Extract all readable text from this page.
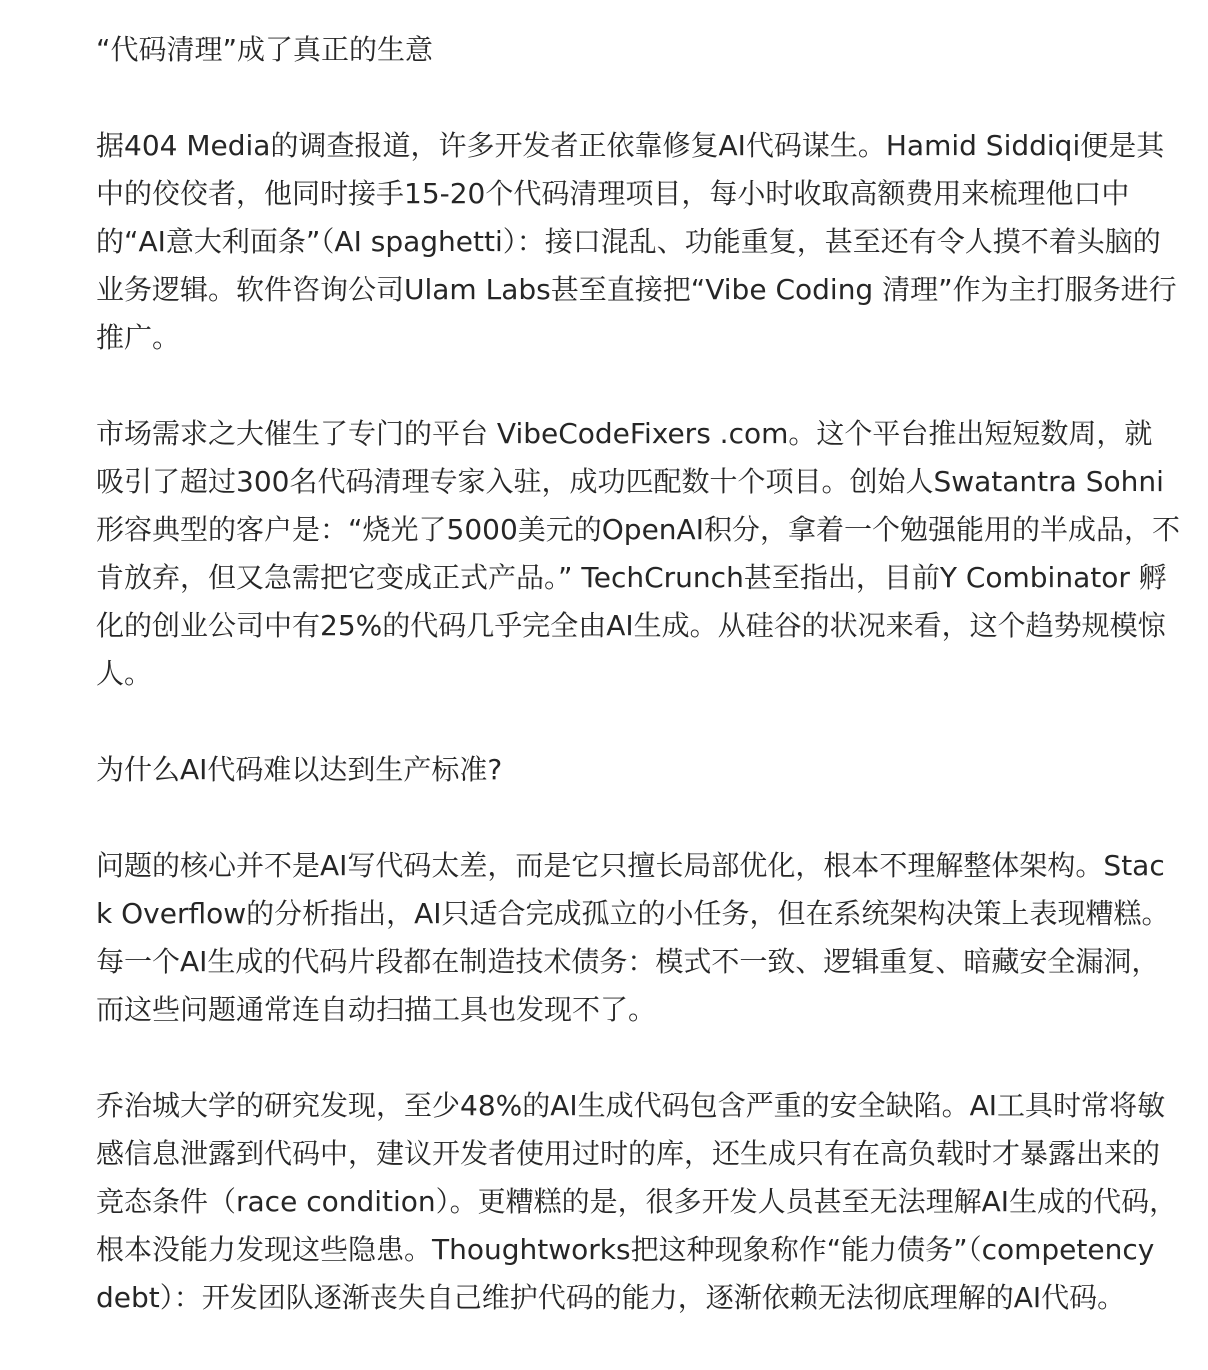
“代码清理”成了真正的生意

据404 Media的调查报道，许多开发者正依靠修复AI代码谋生。Hamid Siddiqi便是其中的佼佼者，他同时接手15-20个代码清理项目，每小时收取高额费用来梳理他口中的“AI意大利面条”（AI spaghetti）：接口混乱、功能重复，甚至还有令人摸不着头脑的业务逻辑。软件咨询公司Ulam Labs甚至直接把“Vibe Coding 清理”作为主打服务进行推广。

市场需求之大催生了专门的平台 VibeCodeFixers .com。这个平台推出短短数周，就吸引了超过300名代码清理专家入驻，成功匹配数十个项目。创始人Swatantra Sohni形容典型的客户是：“烧光了5000美元的OpenAI积分，拿着一个勉强能用的半成品，不肯放弃，但又急需把它变成正式产品。” TechCrunch甚至指出，目前Y Combinator 孵化的创业公司中有25%的代码几乎完全由AI生成。从硅谷的状况来看，这个趋势规模惊人。

为什么AI代码难以达到生产标准?

问题的核心并不是AI写代码太差，而是它只擅长局部优化，根本不理解整体架构。Stack Overflow的分析指出，AI只适合完成孤立的小任务，但在系统架构决策上表现糟糕。每一个AI生成的代码片段都在制造技术债务：模式不一致、逻辑重复、暗藏安全漏洞，而这些问题通常连自动扫描工具也发现不了。

乔治城大学的研究发现，至少48%的AI生成代码包含严重的安全缺陷。AI工具时常将敏感信息泄露到代码中，建议开发者使用过时的库，还生成只有在高负载时才暴露出来的竞态条件（race condition）。更糟糕的是，很多开发人员甚至无法理解AI生成的代码，根本没能力发现这些隐患。Thoughtworks把这种现象称作“能力债务”（competency debt）：开发团队逐渐丧失自己维护代码的能力，逐渐依赖无法彻底理解的AI代码。
